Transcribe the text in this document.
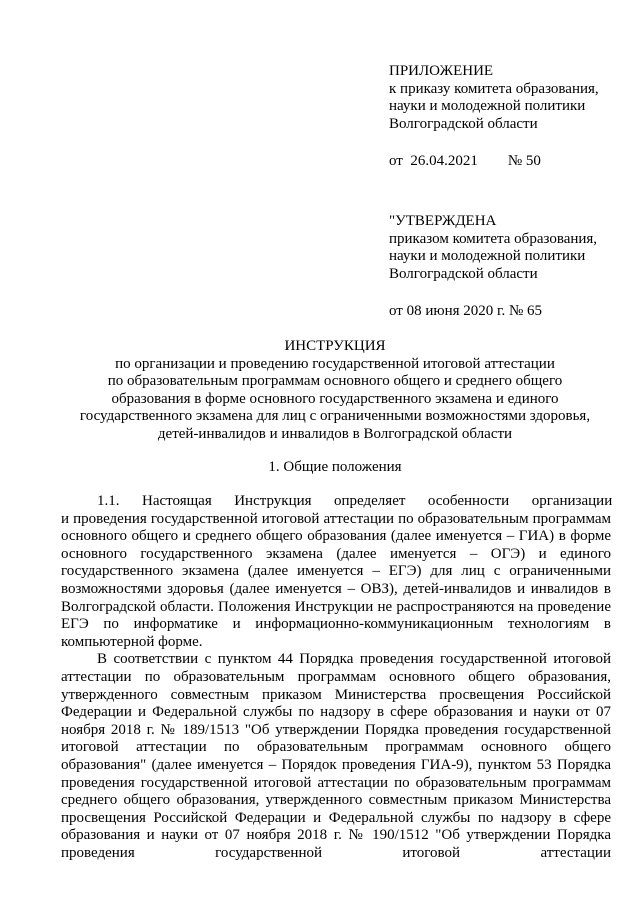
ПРИЛОЖЕНИЕ
к приказу комитета образования,
науки и молодежной политики
Волгоградской области
от  26.04.2021        № 50
"УТВЕРЖДЕНА
приказом комитета образования,
науки и молодежной политики
Волгоградской области
от 08 июня 2020 г. № 65
ИНСТРУКЦИЯ
по организации и проведению государственной итоговой аттестации
по образовательным программам основного общего и среднего общего
образования в форме основного государственного экзамена и единого
государственного экзамена для лиц с ограниченными возможностями здоровья,
детей-инвалидов и инвалидов в Волгоградской области
1. Общие положения

1.1.      Настоящая      Инструкция      определяет      особенности      организации

и проведения государственной итоговой аттестации по образовательным программам основного общего и среднего общего образования (далее именуется – ГИА) в форме основного государственного экзамена (далее именуется – ОГЭ) и единого государственного экзамена (далее именуется – ЕГЭ) для лиц с ограниченными возможностями здоровья (далее именуется – ОВЗ), детей-инвалидов и инвалидов в Волгоградской области. Положения Инструкции не распространяются на проведение ЕГЭ по информатике и информационно-коммуникационным технологиям в компьютерной форме.

В соответствии с пунктом 44 Порядка проведения государственной итоговой аттестации по образовательным программам основного общего образования, утвержденного совместным приказом Министерства просвещения Российской Федерации и Федеральной службы по надзору в сфере образования и науки от 07 ноября 2018 г. № 189/1513 "Об утверждении Порядка проведения государственной итоговой аттестации по образовательным программам основного общего образования" (далее именуется – Порядок проведения ГИА-9), пунктом 53 Порядка проведения государственной итоговой аттестации по образовательным программам среднего общего образования, утвержденного совместным приказом Министерства просвещения Российской Федерации и Федеральной службы по надзору в сфере образования и науки от 07 ноября 2018 г. № 190/1512 "Об утверждении Порядка проведения государственной итоговой аттестации
